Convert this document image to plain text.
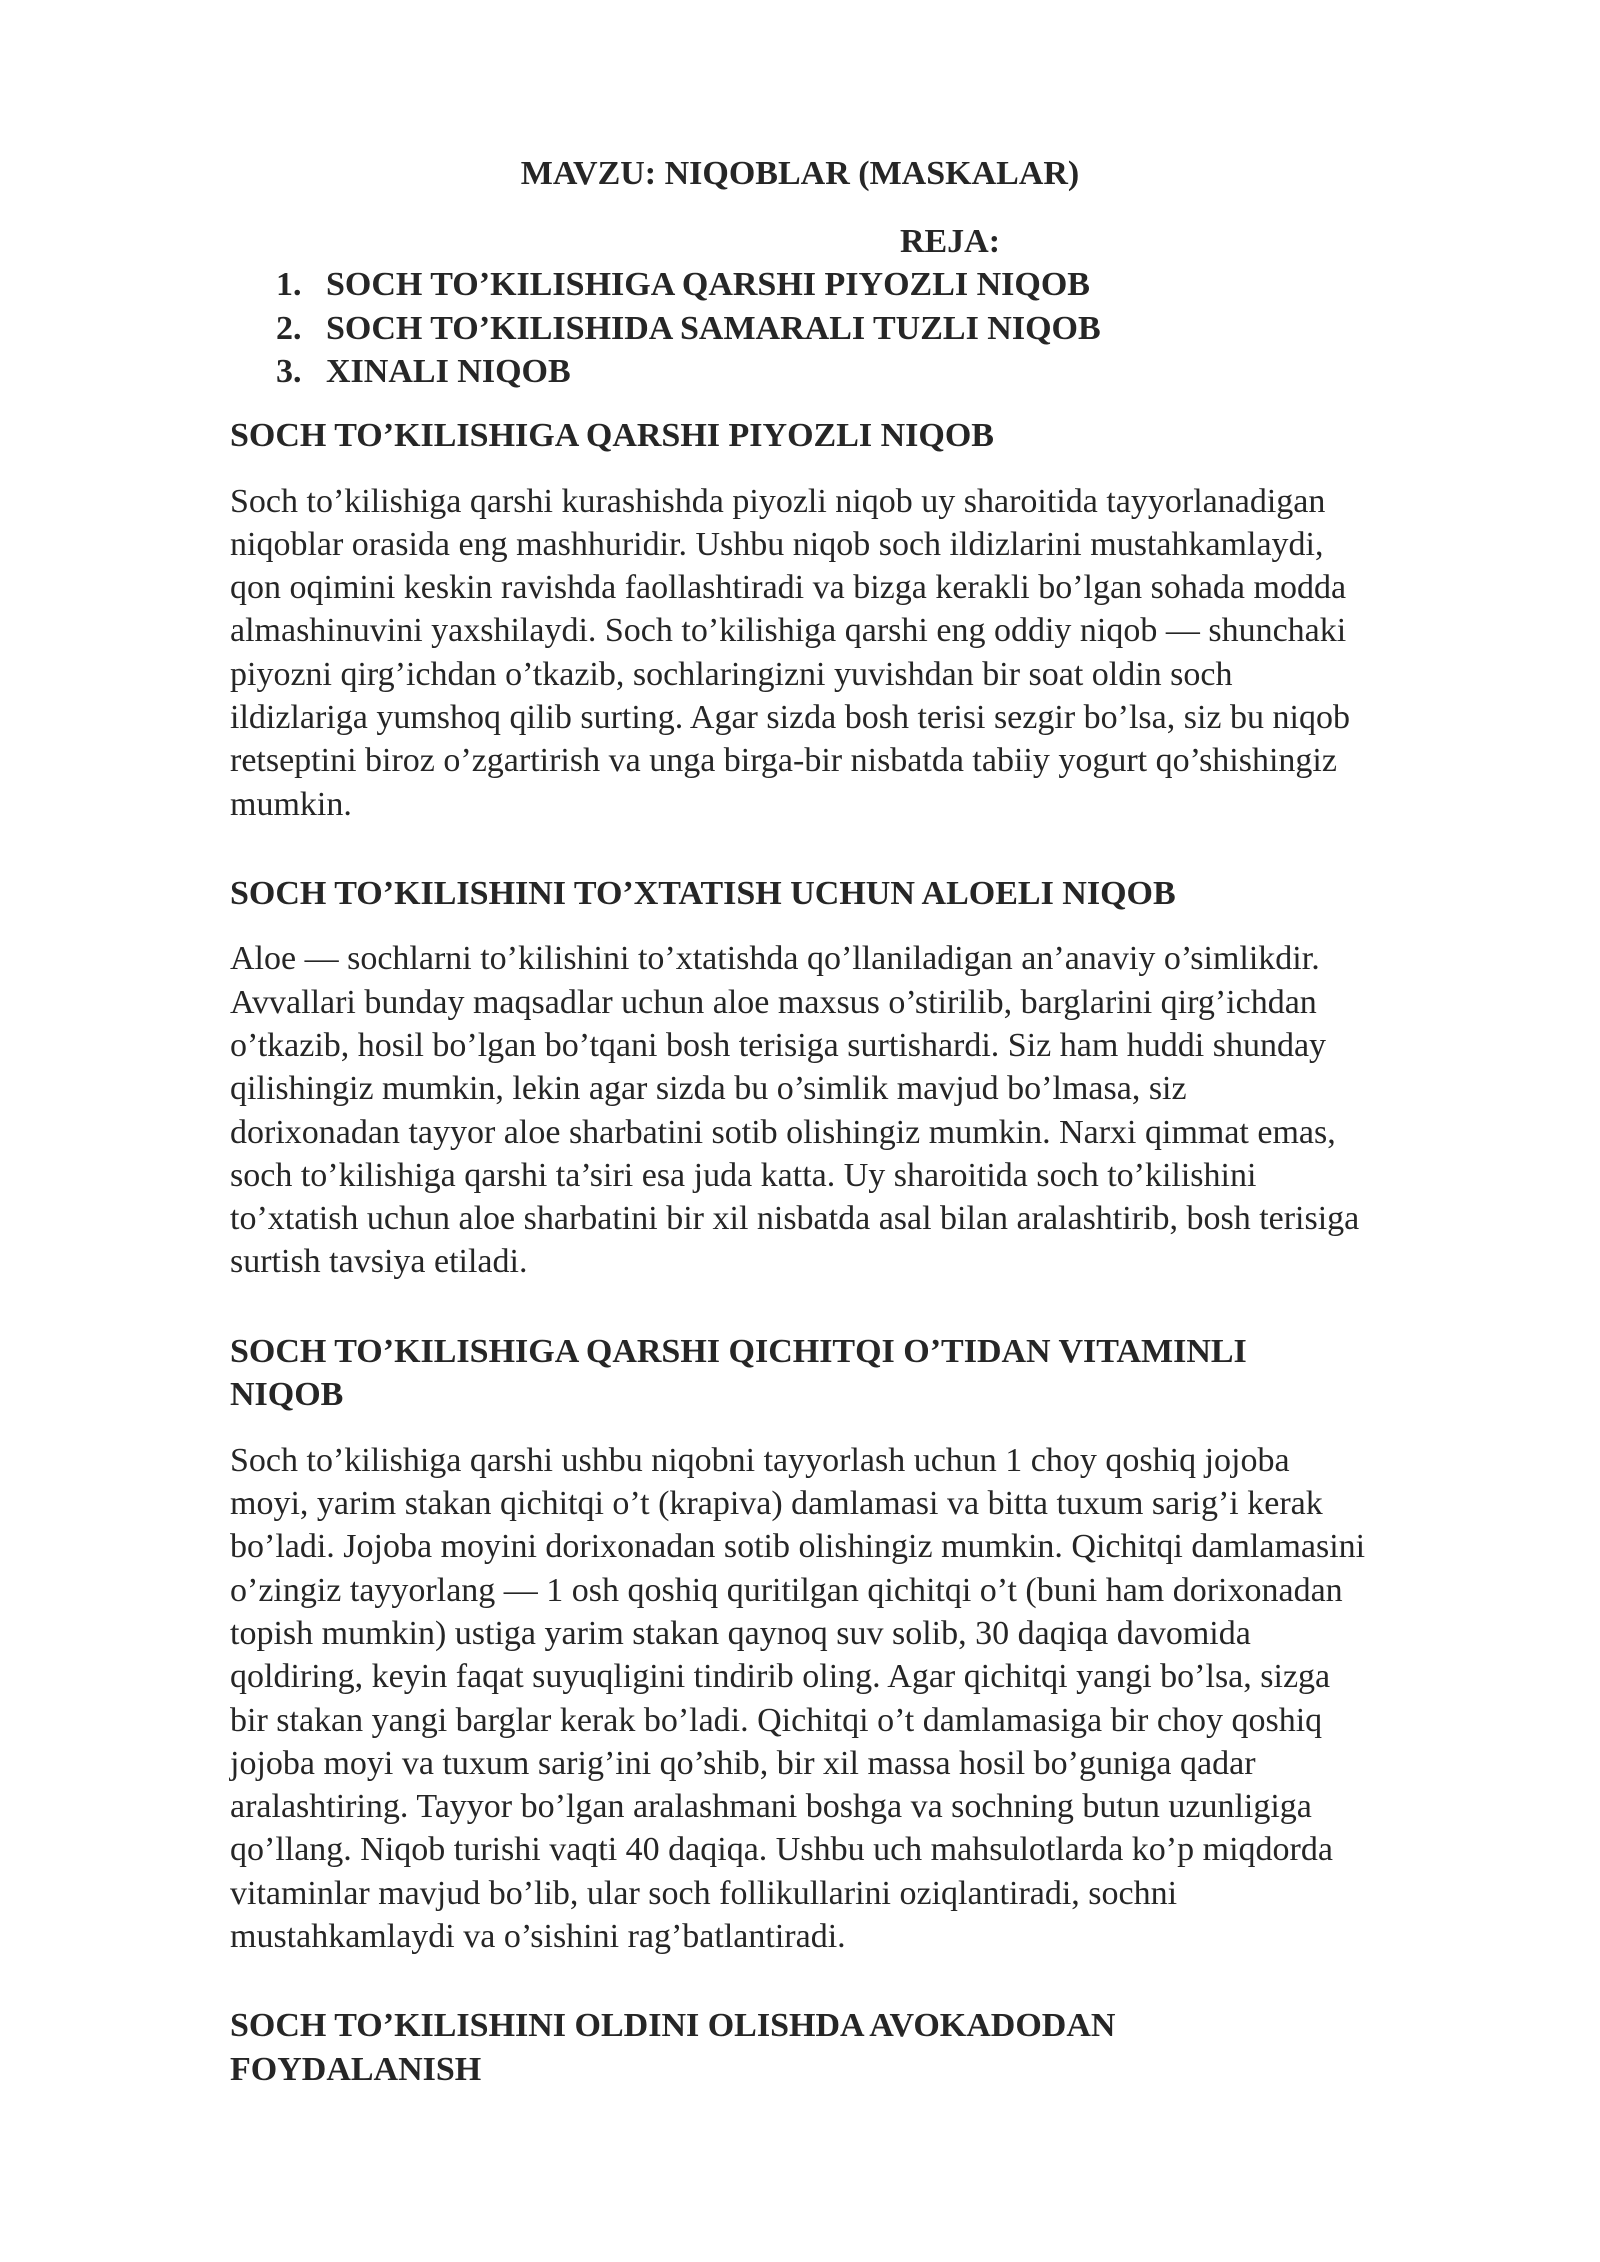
MAVZU: NIQOBLAR (MASKALAR)
REJA:
1. SOCH TO’KILISHIGA QARSHI PIYOZLI NIQOB
2. SOCH TO’KILISHIDA SAMARALI TUZLI NIQOB
3. XINALI NIQOB
SOCH TO’KILISHIGA QARSHI PIYOZLI NIQOB

Soch to’kilishiga qarshi kurashishda piyozli niqob uy sharoitida tayyorlanadigan
niqoblar orasida eng mashhuridir. Ushbu niqob soch ildizlarini mustahkamlaydi,
qon oqimini keskin ravishda faollashtiradi va bizga kerakli bo’lgan sohada modda
almashinuvini yaxshilaydi. Soch to’kilishiga qarshi eng oddiy niqob — shunchaki
piyozni qirg’ichdan o’tkazib, sochlaringizni yuvishdan bir soat oldin soch
ildizlariga yumshoq qilib surting. Agar sizda bosh terisi sezgir bo’lsa, siz bu niqob
retseptini biroz o’zgartirish va unga birga-bir nisbatda tabiiy yogurt qo’shishingiz
mumkin.

SOCH TO’KILISHINI TO’XTATISH UCHUN ALOELI NIQOB

Aloe — sochlarni to’kilishini to’xtatishda qo’llaniladigan an’anaviy o’simlikdir.
Avvallari bunday maqsadlar uchun aloe maxsus o’stirilib, barglarini qirg’ichdan
o’tkazib, hosil bo’lgan bo’tqani bosh terisiga surtishardi. Siz ham huddi shunday
qilishingiz mumkin, lekin agar sizda bu o’simlik mavjud bo’lmasa, siz
dorixonadan tayyor aloe sharbatini sotib olishingiz mumkin. Narxi qimmat emas,
soch to’kilishiga qarshi ta’siri esa juda katta. Uy sharoitida soch to’kilishini
to’xtatish uchun aloe sharbatini bir xil nisbatda asal bilan aralashtirib, bosh terisiga
surtish tavsiya etiladi.

SOCH TO’KILISHIGA QARSHI QICHITQI O’TIDAN VITAMINLI
NIQOB

Soch to’kilishiga qarshi ushbu niqobni tayyorlash uchun 1 choy qoshiq jojoba
moyi, yarim stakan qichitqi o’t (krapiva) damlamasi va bitta tuxum sarig’i kerak
bo’ladi. Jojoba moyini dorixonadan sotib olishingiz mumkin. Qichitqi damlamasini
o’zingiz tayyorlang — 1 osh qoshiq quritilgan qichitqi o’t (buni ham dorixonadan
topish mumkin) ustiga yarim stakan qaynoq suv solib, 30 daqiqa davomida
qoldiring, keyin faqat suyuqligini tindirib oling. Agar qichitqi yangi bo’lsa, sizga
bir stakan yangi barglar kerak bo’ladi. Qichitqi o’t damlamasiga bir choy qoshiq
jojoba moyi va tuxum sarig’ini qo’shib, bir xil massa hosil bo’guniga qadar
aralashtiring. Tayyor bo’lgan aralashmani boshga va sochning butun uzunligiga
qo’llang. Niqob turishi vaqti 40 daqiqa. Ushbu uch mahsulotlarda ko’p miqdorda
vitaminlar mavjud bo’lib, ular soch follikullarini oziqlantiradi, sochni
mustahkamlaydi va o’sishini rag’batlantiradi.

SOCH TO’KILISHINI OLDINI OLISHDA AVOKADODAN
FOYDALANISH
